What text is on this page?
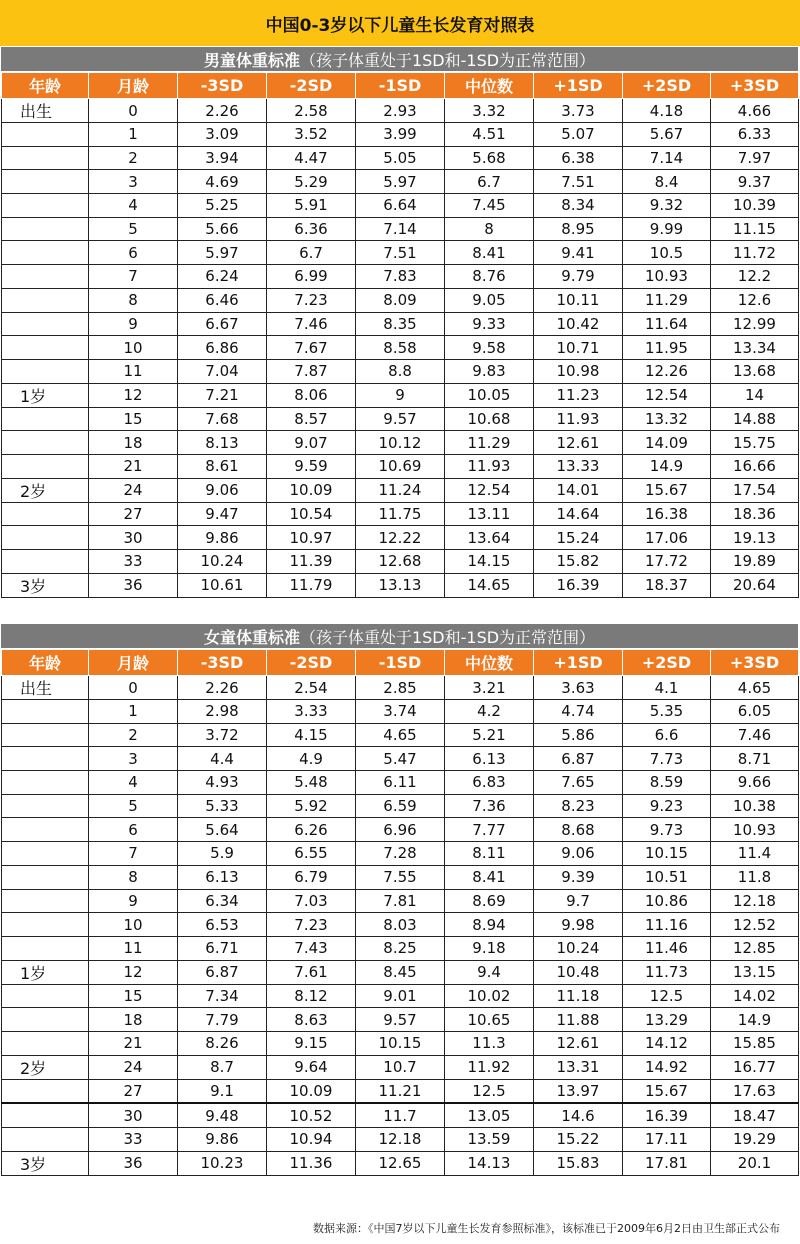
中国0-3岁以下儿童生长发育对照表
男童体重标准 （孩子体重处于1SD和-1SD为正常范围）
年龄	月龄	-3SD	-2SD	-1SD	中位数	+1SD	+2SD	+3SD
出生	0	2.26	2.58	2.93	3.32	3.73	4.18	4.66
	1	3.09	3.52	3.99	4.51	5.07	5.67	6.33
	2	3.94	4.47	5.05	5.68	6.38	7.14	7.97
	3	4.69	5.29	5.97	6.7	7.51	8.4	9.37
	4	5.25	5.91	6.64	7.45	8.34	9.32	10.39
	5	5.66	6.36	7.14	8	8.95	9.99	11.15
	6	5.97	6.7	7.51	8.41	9.41	10.5	11.72
	7	6.24	6.99	7.83	8.76	9.79	10.93	12.2
	8	6.46	7.23	8.09	9.05	10.11	11.29	12.6
	9	6.67	7.46	8.35	9.33	10.42	11.64	12.99
	10	6.86	7.67	8.58	9.58	10.71	11.95	13.34
	11	7.04	7.87	8.8	9.83	10.98	12.26	13.68
1岁	12	7.21	8.06	9	10.05	11.23	12.54	14
	15	7.68	8.57	9.57	10.68	11.93	13.32	14.88
	18	8.13	9.07	10.12	11.29	12.61	14.09	15.75
	21	8.61	9.59	10.69	11.93	13.33	14.9	16.66
2岁	24	9.06	10.09	11.24	12.54	14.01	15.67	17.54
	27	9.47	10.54	11.75	13.11	14.64	16.38	18.36
	30	9.86	10.97	12.22	13.64	15.24	17.06	19.13
	33	10.24	11.39	12.68	14.15	15.82	17.72	19.89
3岁	36	10.61	11.79	13.13	14.65	16.39	18.37	20.64
女童体重标准 （孩子体重处于1SD和-1SD为正常范围）
年龄	月龄	-3SD	-2SD	-1SD	中位数	+1SD	+2SD	+3SD
出生	0	2.26	2.54	2.85	3.21	3.63	4.1	4.65
	1	2.98	3.33	3.74	4.2	4.74	5.35	6.05
	2	3.72	4.15	4.65	5.21	5.86	6.6	7.46
	3	4.4	4.9	5.47	6.13	6.87	7.73	8.71
	4	4.93	5.48	6.11	6.83	7.65	8.59	9.66
	5	5.33	5.92	6.59	7.36	8.23	9.23	10.38
	6	5.64	6.26	6.96	7.77	8.68	9.73	10.93
	7	5.9	6.55	7.28	8.11	9.06	10.15	11.4
	8	6.13	6.79	7.55	8.41	9.39	10.51	11.8
	9	6.34	7.03	7.81	8.69	9.7	10.86	12.18
	10	6.53	7.23	8.03	8.94	9.98	11.16	12.52
	11	6.71	7.43	8.25	9.18	10.24	11.46	12.85
1岁	12	6.87	7.61	8.45	9.4	10.48	11.73	13.15
	15	7.34	8.12	9.01	10.02	11.18	12.5	14.02
	18	7.79	8.63	9.57	10.65	11.88	13.29	14.9
	21	8.26	9.15	10.15	11.3	12.61	14.12	15.85
2岁	24	8.7	9.64	10.7	11.92	13.31	14.92	16.77
	27	9.1	10.09	11.21	12.5	13.97	15.67	17.63
	30	9.48	10.52	11.7	13.05	14.6	16.39	18.47
	33	9.86	10.94	12.18	13.59	15.22	17.11	19.29
3岁	36	10.23	11.36	12.65	14.13	15.83	17.81	20.1
数据来源：《中国7岁以下儿童生长发育参照标准》，该标准已于2009年6月2日由卫生部正式公布
